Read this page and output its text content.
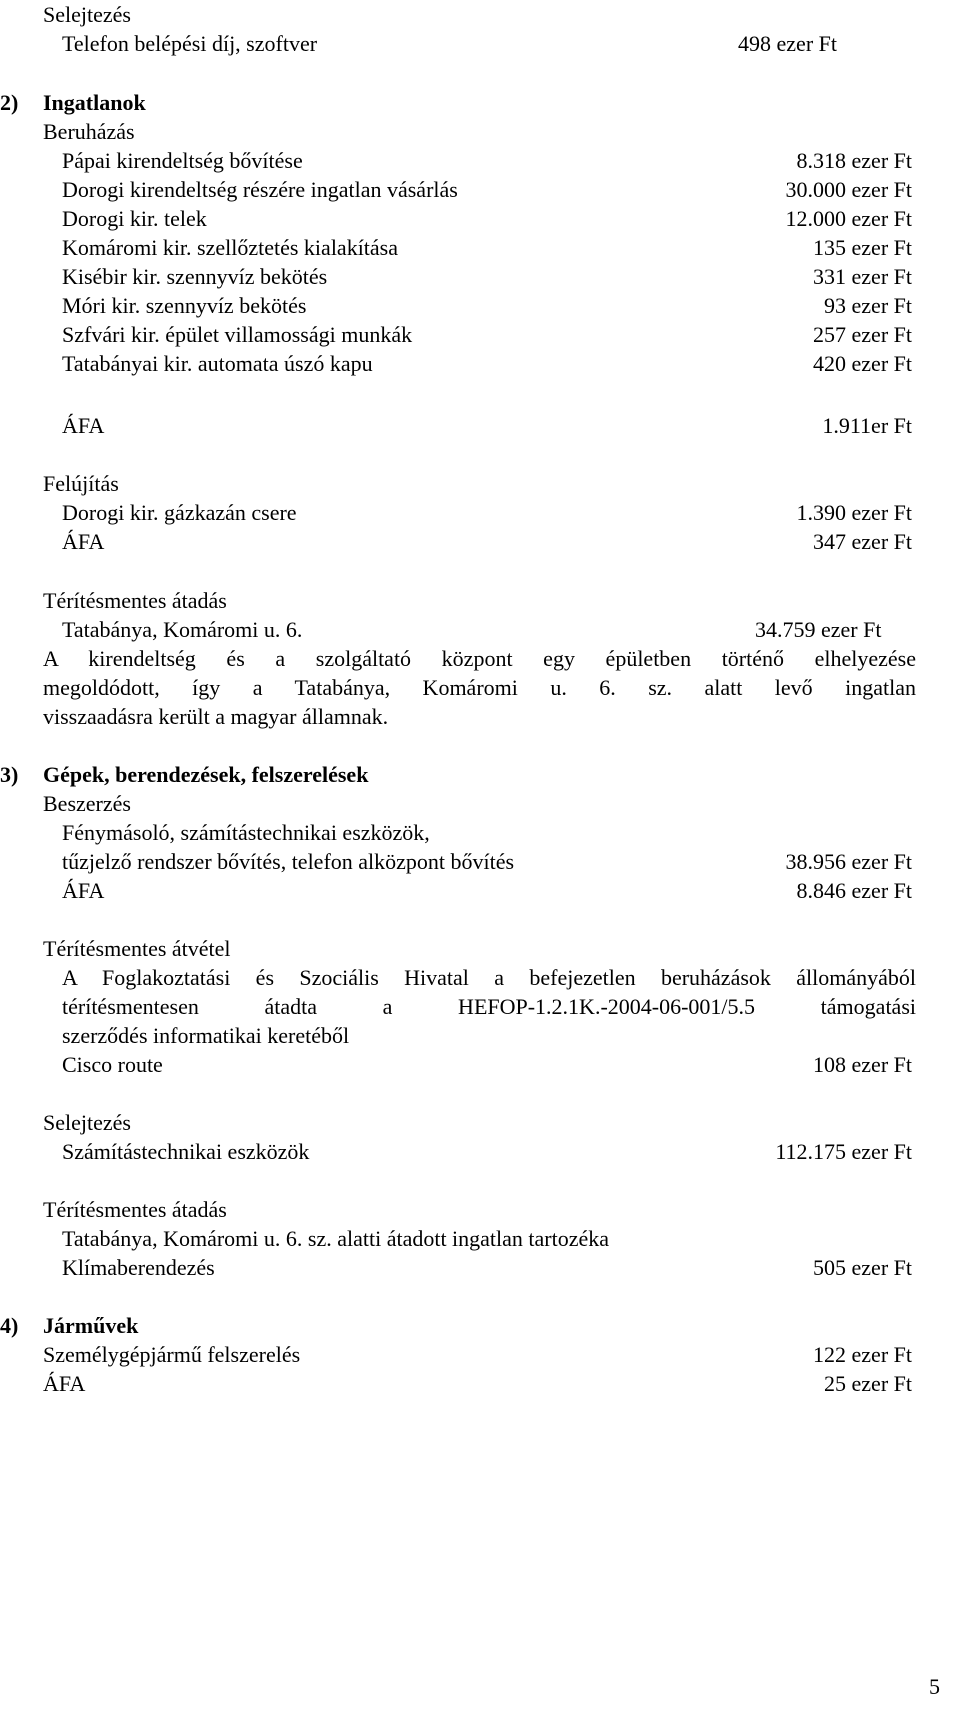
Selejtezés
Telefon belépési díj, szoftver	498 ezer Ft
2) Ingatlanok
Beruházás
Pápai kirendeltség bővítése	8.318 ezer Ft
Dorogi kirendeltség részére ingatlan vásárlás	30.000 ezer Ft
Dorogi kir. telek	12.000 ezer Ft
Komáromi kir. szellőztetés kialakítása	135 ezer Ft
Kisébir kir. szennyvíz bekötés	331 ezer Ft
Móri kir. szennyvíz bekötés	93 ezer Ft
Szfvári kir. épület villamossági munkák	257 ezer Ft
Tatabányai kir. automata úszó kapu	420 ezer Ft
ÁFA	1.911er Ft
Felújítás
Dorogi kir. gázkazán csere	1.390 ezer Ft
ÁFA	347 ezer Ft
Térítésmentes átadás
Tatabánya, Komáromi u. 6.	34.759 ezer Ft
A kirendeltség és a szolgáltató központ egy épületben történő elhelyezése
megoldódott, így a Tatabánya, Komáromi u. 6. sz. alatt levő ingatlan
visszaadásra került a magyar államnak.
3) Gépek, berendezések, felszerelések
Beszerzés
Fénymásoló, számítástechnikai eszközök,
tűzjelző rendszer bővítés, telefon alközpont bővítés	38.956 ezer Ft
ÁFA	8.846 ezer Ft
Térítésmentes átvétel
A Foglakoztatási és Szociális Hivatal a befejezetlen beruházások állományából
térítésmentesen átadta a HEFOP-1.2.1K.-2004-06-001/5.5 támogatási
szerződés informatikai keretéből
Cisco route	108 ezer Ft
Selejtezés
Számítástechnikai eszközök	112.175 ezer Ft
Térítésmentes átadás
Tatabánya, Komáromi u. 6. sz. alatti átadott ingatlan tartozéka
Klímaberendezés	505 ezer Ft
4) Járművek
Személygépjármű felszerelés	122 ezer Ft
ÁFA	25 ezer Ft
5
